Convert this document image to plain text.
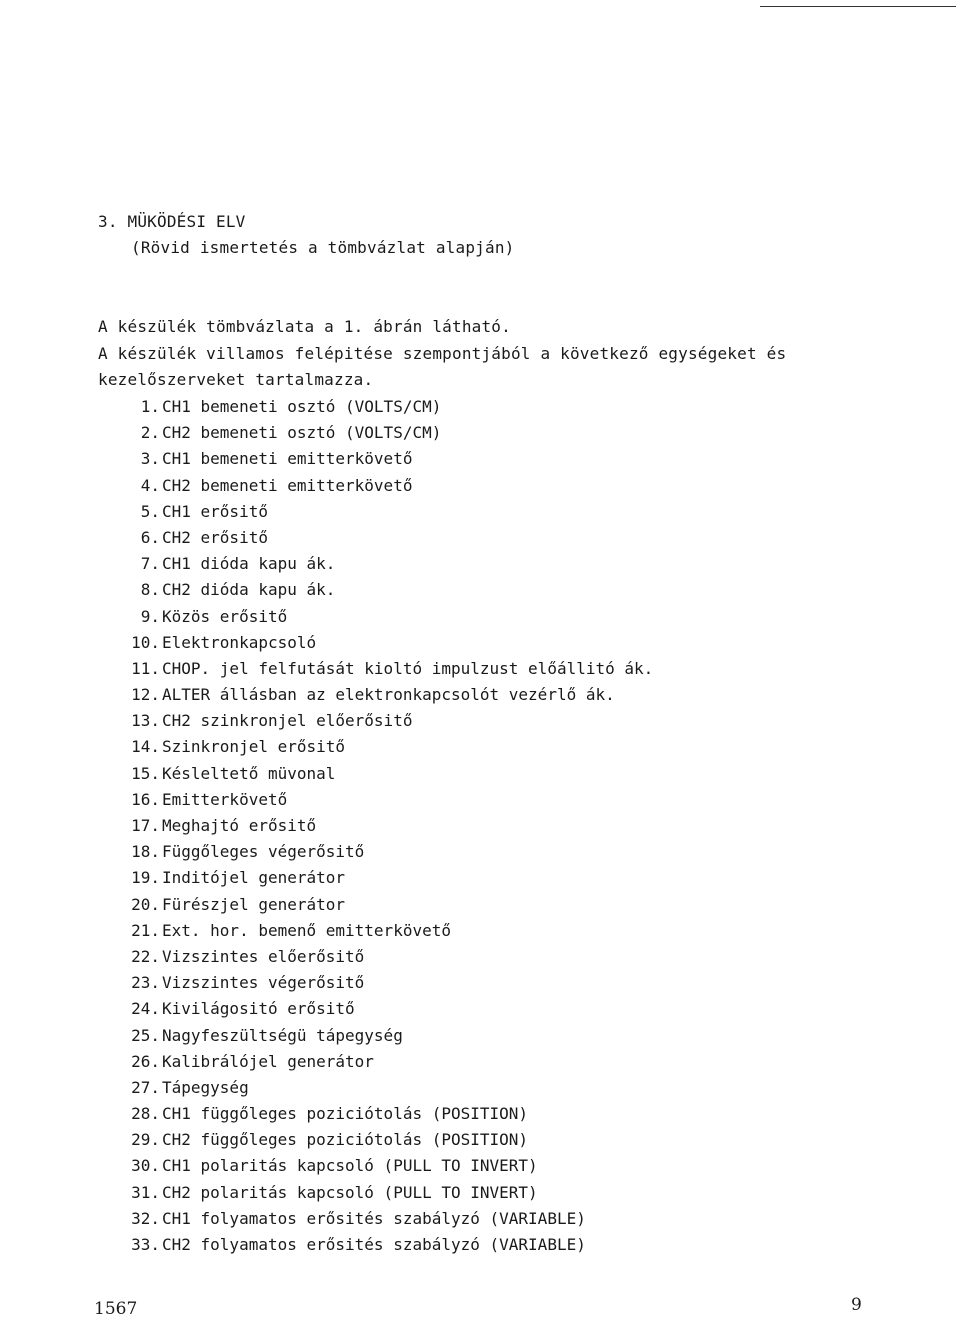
3. MÜKÖDÉSI ELV
(Rövid ismertetés a tömbvázlat alapján)
A készülék tömbvázlata a 1. ábrán látható.
A készülék villamos felépitése szempontjából a következő egységeket és
kezelőszerveket tartalmazza.
1. CH1 bemeneti osztó (VOLTS/CM)
2. CH2 bemeneti osztó (VOLTS/CM)
3. CH1 bemeneti emitterkövető
4. CH2 bemeneti emitterkövető
5. CH1 erősitő
6. CH2 erősitő
7. CH1 dióda kapu ák.
8. CH2 dióda kapu ák.
9. Közös erősitő
10. Elektronkapcsoló
11. CHOP. jel felfutását kioltó impulzust előállitó ák.
12. ALTER állásban az elektronkapcsolót vezérlő ák.
13. CH2 szinkronjel előerősitő
14. Szinkronjel erősitő
15. Késleltető müvonal
16. Emitterkövető
17. Meghajtó erősitő
18. Függőleges végerősitő
19. Inditójel generátor
20. Fürészjel generátor
21. Ext. hor. bemenő emitterkövető
22. Vizszintes előerősitő
23. Vizszintes végerősitő
24. Kivilágositó erősitő
25. Nagyfeszültségü tápegység
26. Kalibrálójel generátor
27. Tápegység
28. CH1 függőleges poziciótolás (POSITION)
29. CH2 függőleges poziciótolás (POSITION)
30. CH1 polaritás kapcsoló (PULL TO INVERT)
31. CH2 polaritás kapcsoló (PULL TO INVERT)
32. CH1 folyamatos erősités szabályzó (VARIABLE)
33. CH2 folyamatos erősités szabályzó (VARIABLE)
1567	9
